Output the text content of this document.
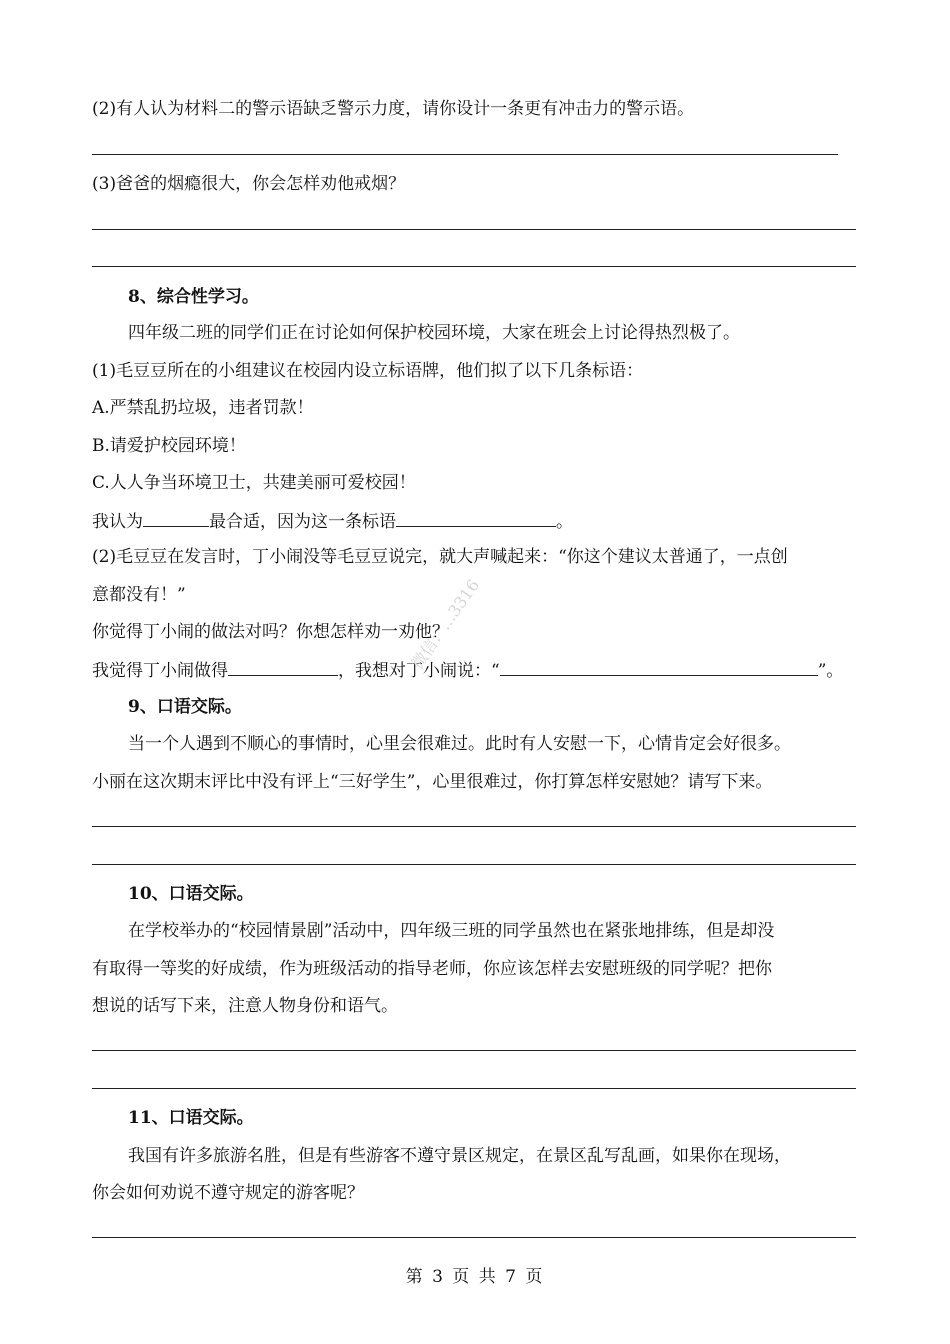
(2)有人认为材料二的警示语缺乏警示力度，请你设计一条更有冲击力的警示语。
(3)爸爸的烟瘾很大，你会怎样劝他戒烟？
8、综合性学习。
四年级二班的同学们正在讨论如何保护校园环境，大家在班会上讨论得热烈极了。
(1)毛豆豆所在的小组建议在校园内设立标语牌，他们拟了以下几条标语：
A.严禁乱扔垃圾，违者罚款！
B.请爱护校园环境！
C.人人争当环境卫士，共建美丽可爱校园！
我认为	最合适，因为这一条标语	。
(2)毛豆豆在发言时，丁小闹没等毛豆豆说完，就大声喊起来：“你这个建议太普通了，一点创
意都没有！”
你觉得丁小闹的做法对吗？你想怎样劝一劝他？
我觉得丁小闹做得	，我想对丁小闹说：“	”。
9、口语交际。
当一个人遇到不顺心的事情时，心里会很难过。此时有人安慰一下，心情肯定会好很多。
小丽在这次期末评比中没有评上“三好学生”，心里很难过，你打算怎样安慰她？请写下来。
10、口语交际。
在学校举办的“校园情景剧”活动中，四年级三班的同学虽然也在紧张地排练，但是却没
有取得一等奖的好成绩，作为班级活动的指导老师，你应该怎样去安慰班级的同学呢？把你
想说的话写下来，注意人物身份和语气。
11、口语交际。
我国有许多旅游名胜，但是有些游客不遵守景区规定，在景区乱写乱画，如果你在现场，
你会如何劝说不遵守规定的游客呢？
微信：…3316
第 3 页 共 7 页
